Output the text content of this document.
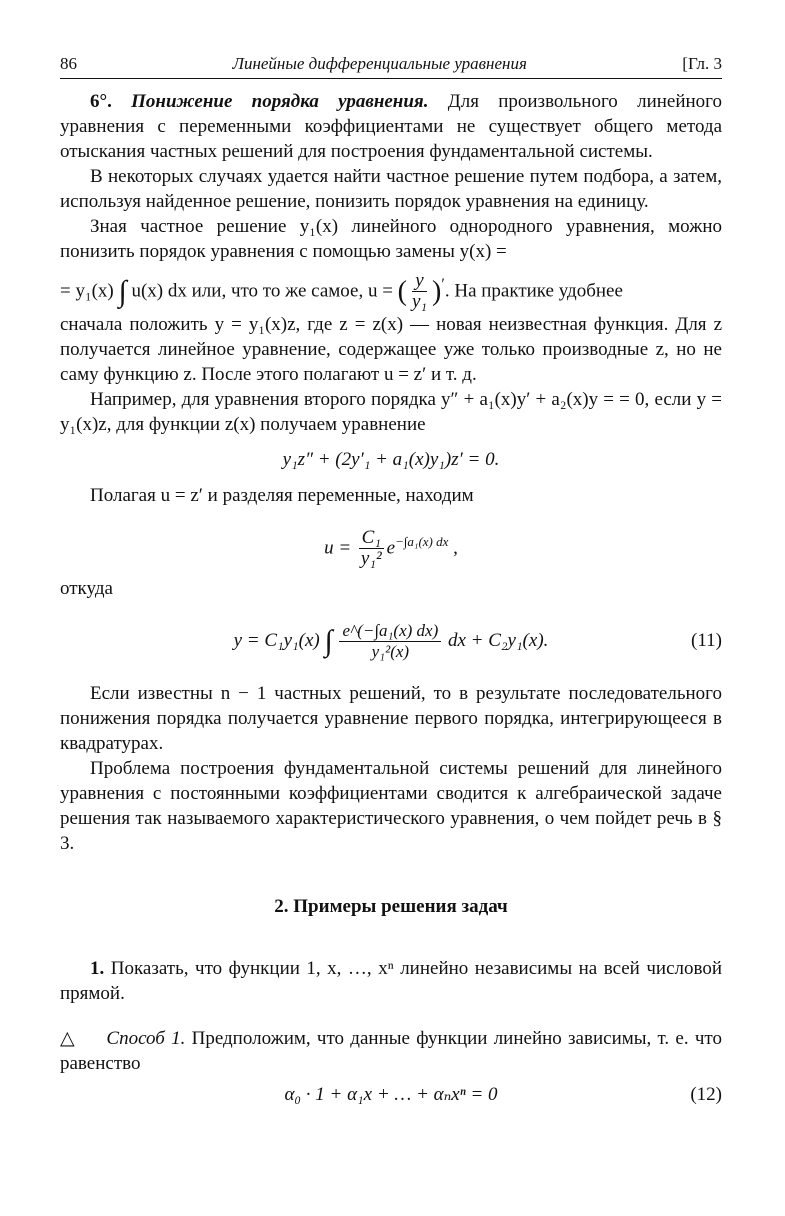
86	Линейные дифференциальные уравнения	[Гл. 3

6°. Понижение порядка уравнения. Для произвольного линейного уравнения с переменными коэффициентами не существует общего метода отыскания частных решений для построения фундаментальной системы.

В некоторых случаях удается найти частное решение путем подбора, а затем, используя найденное решение, понизить порядок уравнения на единицу.

Зная частное решение y₁(x) линейного однородного уравнения, можно понизить порядок уравнения с помощью замены y(x) =

= y₁(x) ∫ u(x) dx или, что то же самое, u = ( $\frac{y}{\text{y₁}} )'$. На практике удобнее

сначала положить y = y₁(x)z, где z = z(x) — новая неизвестная функция. Для z получается линейное уравнение, содержащее уже только производные z, но не саму функцию z. После этого полагают u = z′ и т. д.

Например, для уравнения второго порядка y″ + a₁(x)y′ + a₂(x)y = = 0, если y = y₁(x)z, для функции z(x) получаем уравнение

y₁z″ + (2y′₁ + a₁(x)y₁)z′ = 0.

Полагая u = z′ и разделяя переменные, находим

$u = \frac{\text{C₁}}{\text{y₁²}} e^{-\int a_1(x) dx}$ ,

откуда

y = C₁y₁(x) ∫ $\frac{\text{e\textasciicircum{}(−∫a₁(x) dx)}}{\text{y₁²(x)}}$ dx + C₂y₁(x).	(11)

Если известны n − 1 частных решений, то в результате последовательного понижения порядка получается уравнение первого порядка, интегрирующееся в квадратурах.

Проблема построения фундаментальной системы решений для линейного уравнения с постоянными коэффициентами сводится к алгебраической задаче решения так называемого характеристического уравнения, о чем пойдет речь в § 3.

2. Примеры решения задач

1. Показать, что функции 1, x, …, xⁿ линейно независимы на всей числовой прямой.

△ Способ 1. Предположим, что данные функции линейно зависимы, т. е. что равенство

α₀ · 1 + α₁x + … + αₙxⁿ = 0	(12)
